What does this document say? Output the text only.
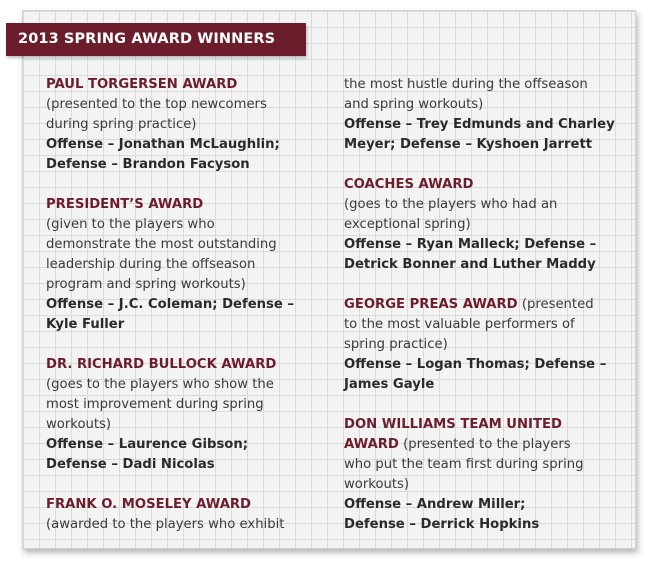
2013 SPRING AWARD WINNERS
PAUL TORGERSEN AWARD
(presented to the top newcomers
during spring practice)
Offense – Jonathan McLaughlin;
Defense – Brandon Facyson
PRESIDENT’S AWARD
(given to the players who
demonstrate the most outstanding
leadership during the offseason
program and spring workouts)
Offense – J.C. Coleman; Defense –
Kyle Fuller
DR. RICHARD BULLOCK AWARD
(goes to the players who show the
most improvement during spring
workouts)
Offense – Laurence Gibson;
Defense – Dadi Nicolas
FRANK O. MOSELEY AWARD
(awarded to the players who exhibit
the most hustle during the offseason
and spring workouts)
Offense – Trey Edmunds and Charley
Meyer; Defense – Kyshoen Jarrett
COACHES AWARD
(goes to the players who had an
exceptional spring)
Offense – Ryan Malleck; Defense –
Detrick Bonner and Luther Maddy
GEORGE PREAS AWARD (presented
to the most valuable performers of
spring practice)
Offense – Logan Thomas; Defense –
James Gayle
DON WILLIAMS TEAM UNITED
AWARD (presented to the players
who put the team first during spring
workouts)
Offense – Andrew Miller;
Defense – Derrick Hopkins
